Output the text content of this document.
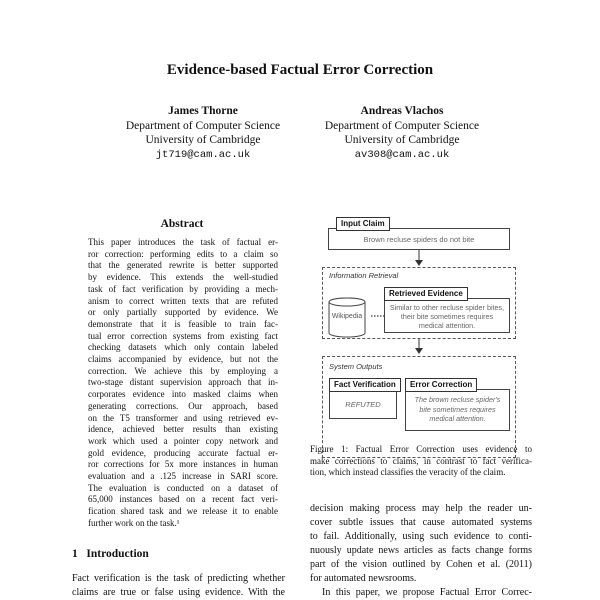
Evidence-based Factual Error Correction
James Thorne
Department of Computer Science
University of Cambridge
jt719@cam.ac.uk
Andreas Vlachos
Department of Computer Science
University of Cambridge
av308@cam.ac.uk
Abstract
This paper introduces the task of factual er-
ror correction: performing edits to a claim so
that the generated rewrite is better supported
by evidence. This extends the well-studied
task of fact verification by providing a mech-
anism to correct written texts that are refuted
or only partially supported by evidence. We
demonstrate that it is feasible to train fac-
tual error correction systems from existing fact
checking datasets which only contain labeled
claims accompanied by evidence, but not the
correction. We achieve this by employing a
two-stage distant supervision approach that in-
corporates evidence into masked claims when
generating corrections. Our approach, based
on the T5 transformer and using retrieved ev-
idence, achieved better results than existing
work which used a pointer copy network and
gold evidence, producing accurate factual er-
ror corrections for 5x more instances in human
evaluation and a .125 increase in SARI score.
The evaluation is conducted on a dataset of
65,000 instances based on a recent fact veri-
fication shared task and we release it to enable
further work on the task.¹
1 Introduction
Fact verification is the task of predicting whether
claims are true or false using evidence. With the
Brown recluse spiders do not bite
Input Claim
Information Retrieval
Wikipedia
Similar to other recluse spider bites, their bite sometimes requires medical attention.
Retrieved Evidence
System Outputs
REFUTED
Fact Verification
The brown recluse spider's bite sometimes requires medical attention.
Error Correction
Figure 1: Factual Error Correction uses evidence to
make corrections to claims, in contrast to fact verifica-
tion, which instead classifies the veracity of the claim.
decision making process may help the reader un-
cover subtle issues that cause automated systems
to fail. Additionally, using such evidence to conti-
nuously update news articles as facts change forms
part of the vision outlined by Cohen et al. (2011)
for automated newsrooms.
In this paper, we propose Factual Error Correc-
